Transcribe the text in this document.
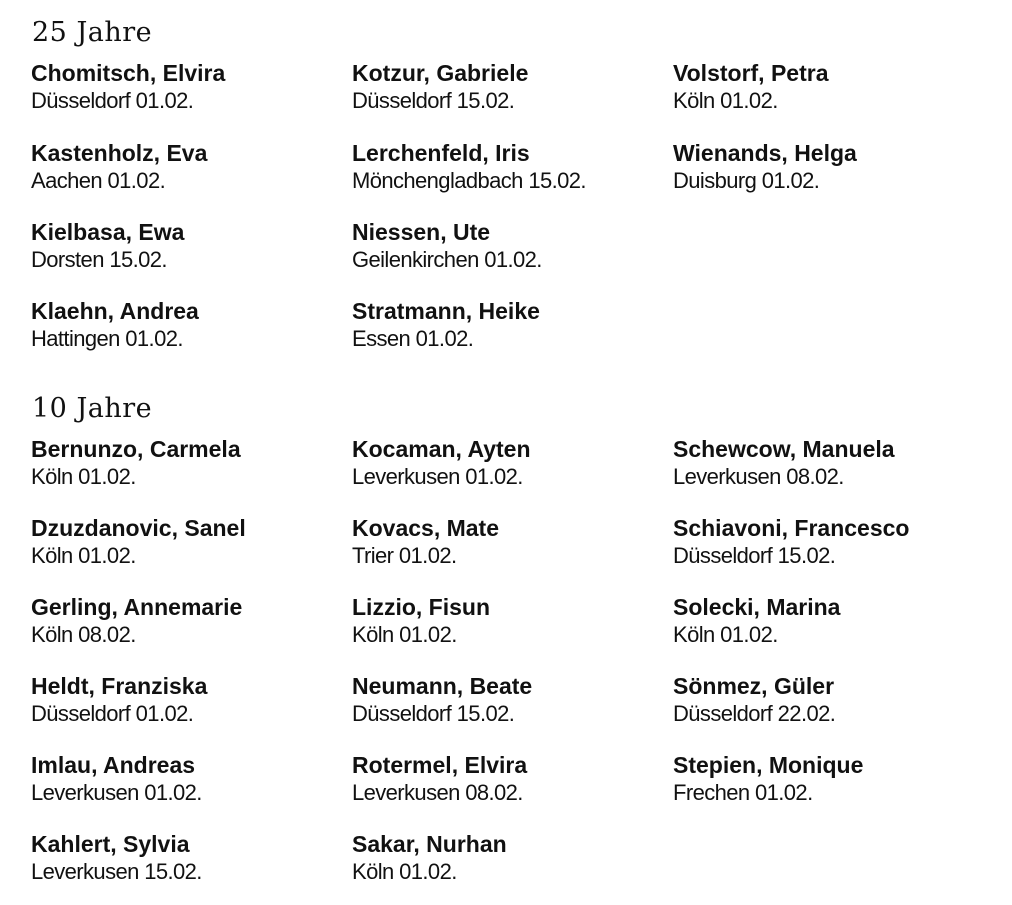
25 Jahre
Chomitsch, Elvira
Düsseldorf 01.02.
Kastenholz, Eva
Aachen 01.02.
Kielbasa, Ewa
Dorsten 15.02.
Klaehn, Andrea
Hattingen 01.02.
Kotzur, Gabriele
Düsseldorf 15.02.
Lerchenfeld, Iris
Mönchengladbach 15.02.
Niessen, Ute
Geilenkirchen 01.02.
Stratmann, Heike
Essen 01.02.
Volstorf, Petra
Köln 01.02.
Wienands, Helga
Duisburg 01.02.
10 Jahre
Bernunzo, Carmela
Köln 01.02.
Dzuzdanovic, Sanel
Köln 01.02.
Gerling, Annemarie
Köln 08.02.
Heldt, Franziska
Düsseldorf 01.02.
Imlau, Andreas
Leverkusen 01.02.
Kahlert, Sylvia
Leverkusen 15.02.
Kocaman, Ayten
Leverkusen 01.02.
Kovacs, Mate
Trier 01.02.
Lizzio, Fisun
Köln 01.02.
Neumann, Beate
Düsseldorf 15.02.
Rotermel, Elvira
Leverkusen 08.02.
Sakar, Nurhan
Köln 01.02.
Schewcow, Manuela
Leverkusen 08.02.
Schiavoni, Francesco
Düsseldorf 15.02.
Solecki, Marina
Köln 01.02.
Sönmez, Güler
Düsseldorf 22.02.
Stepien, Monique
Frechen 01.02.
